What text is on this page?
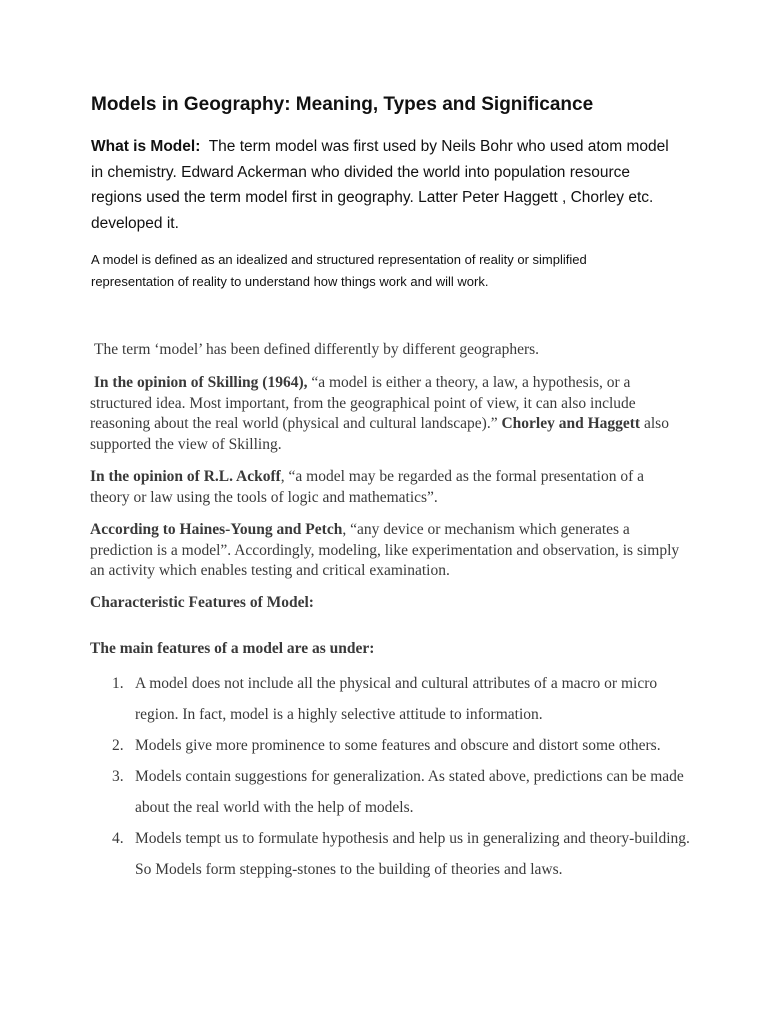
Models in Geography: Meaning, Types and Significance

What is Model: The term model was first used by Neils Bohr who used atom model in chemistry. Edward Ackerman who divided the world into population resource regions used the term model first in geography. Latter Peter Haggett , Chorley etc. developed it.

A model is defined as an idealized and structured representation of reality or simplified representation of reality to understand how things work and will work.

The term ‘model’ has been defined differently by different geographers.

In the opinion of Skilling (1964), “a model is either a theory, a law, a hypothesis, or a structured idea. Most important, from the geographical point of view, it can also include reasoning about the real world (physical and cultural landscape).” Chorley and Haggett also supported the view of Skilling.

In the opinion of R.L. Ackoff, “a model may be regarded as the formal presentation of a theory or law using the tools of logic and mathematics”.

According to Haines-Young and Petch, “any device or mechanism which generates a prediction is a model”. Accordingly, modeling, like experimentation and observation, is simply an activity which enables testing and critical examination.

Characteristic Features of Model:

The main features of a model are as under:

1. A model does not include all the physical and cultural attributes of a macro or micro region. In fact, model is a highly selective attitude to information.
2. Models give more prominence to some features and obscure and distort some others.
3. Models contain suggestions for generalization. As stated above, predictions can be made about the real world with the help of models.
4. Models tempt us to formulate hypothesis and help us in generalizing and theory-building. So Models form stepping-stones to the building of theories and laws.
